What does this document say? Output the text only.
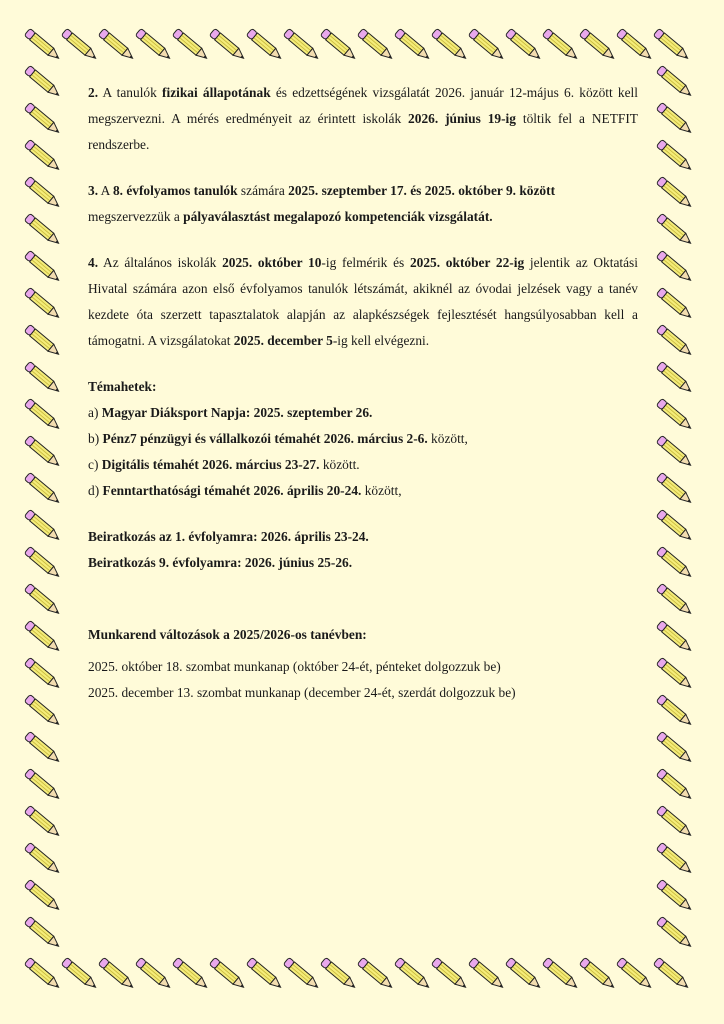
2. A tanulók fizikai állapotának és edzettségének vizsgálatát 2026. január 12-május 6. között kell megszervezni. A mérés eredményeit az érintett iskolák 2026. június 19-ig töltik fel a NETFIT rendszerbe.

3. A 8. évfolyamos tanulók számára 2025. szeptember 17. és 2025. október 9. között megszervezzük a pályaválasztást megalapozó kompetenciák vizsgálatát.

4. Az általános iskolák 2025. október 10-ig felmérik és 2025. október 22-ig jelentik az Oktatási Hivatal számára azon első évfolyamos tanulók létszámát, akiknél az óvodai jelzések vagy a tanév kezdete óta szerzett tapasztalatok alapján az alapkészségek fejlesztését hangsúlyosabban kell a támogatni. A vizsgálatokat 2025. december 5-ig kell elvégezni.

Témahetek:

a) Magyar Diáksport Napja: 2025. szeptember 26.

b) Pénz7 pénzügyi és vállalkozói témahét 2026. március 2-6. között,

c) Digitális témahét 2026. március 23-27. között.

d) Fenntarthatósági témahét 2026. április 20-24. között,

Beiratkozás az 1. évfolyamra: 2026. április 23-24.

Beiratkozás 9. évfolyamra: 2026. június 25-26.

Munkarend változások a 2025/2026-os tanévben:

2025. október 18. szombat munkanap (október 24-ét, pénteket dolgozzuk be)

2025. december 13. szombat munkanap (december 24-ét, szerdát dolgozzuk be)
